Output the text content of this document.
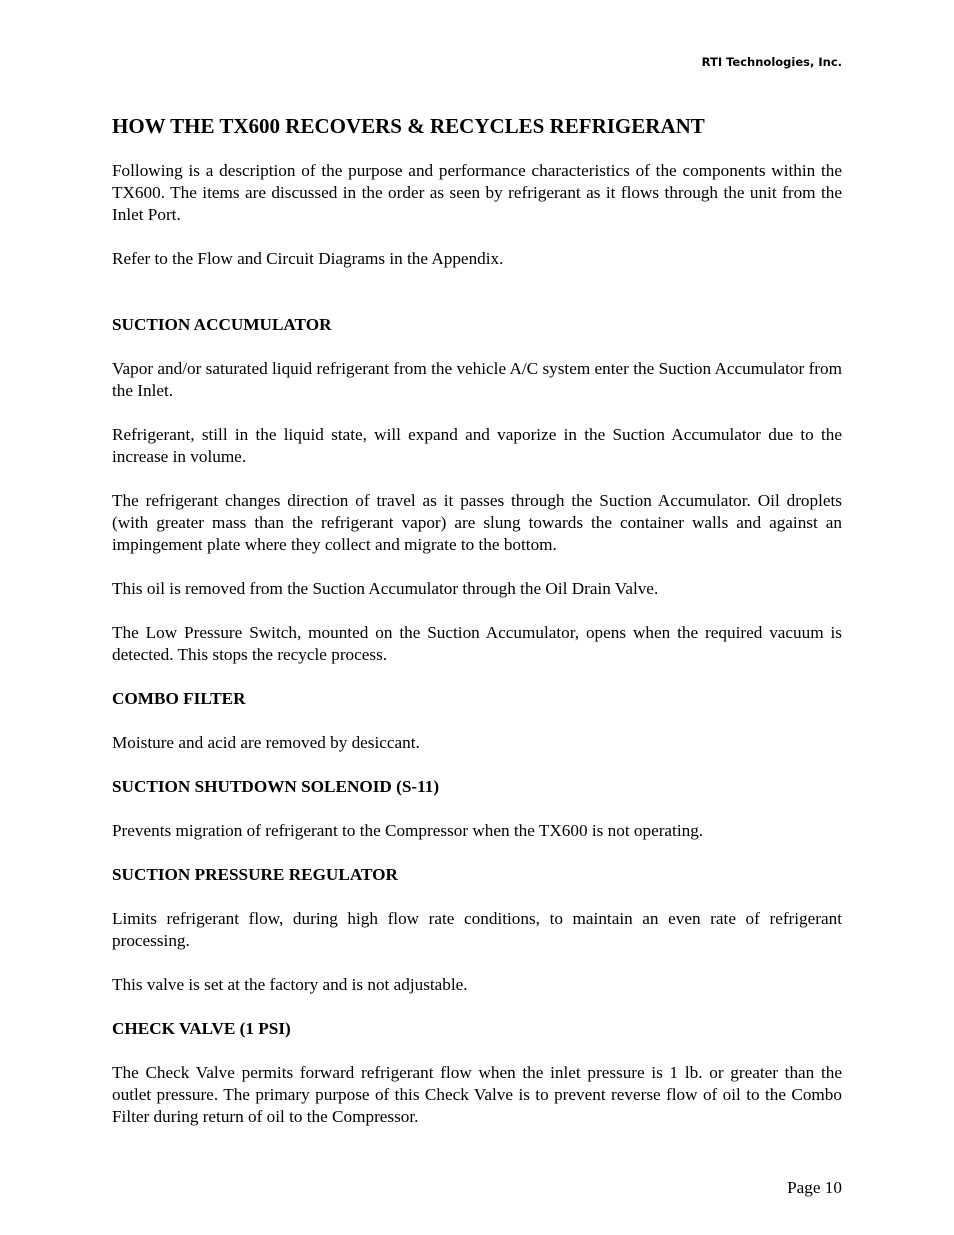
RTI Technologies, Inc.
HOW THE TX600 RECOVERS & RECYCLES REFRIGERANT

Following is a description of the purpose and performance characteristics of the components within the TX600. The items are discussed in the order as seen by refrigerant as it flows through the unit from the Inlet Port.

Refer to the Flow and Circuit Diagrams in the Appendix.

SUCTION ACCUMULATOR

Vapor and/or saturated liquid refrigerant from the vehicle A/C system enter the Suction Accumulator from the Inlet.

Refrigerant, still in the liquid state, will expand and vaporize in the Suction Accumulator due to the increase in volume.

The refrigerant changes direction of travel as it passes through the Suction Accumulator. Oil droplets (with greater mass than the refrigerant vapor) are slung towards the container walls and against an impingement plate where they collect and migrate to the bottom.

This oil is removed from the Suction Accumulator through the Oil Drain Valve.

The Low Pressure Switch, mounted on the Suction Accumulator, opens when the required vacuum is detected. This stops the recycle process.

COMBO FILTER

Moisture and acid are removed by desiccant.

SUCTION SHUTDOWN SOLENOID (S-11)

Prevents migration of refrigerant to the Compressor when the TX600 is not operating.

SUCTION PRESSURE REGULATOR

Limits refrigerant flow, during high flow rate conditions, to maintain an even rate of refrigerant processing.

This valve is set at the factory and is not adjustable.

CHECK VALVE (1 PSI)

The Check Valve permits forward refrigerant flow when the inlet pressure is 1 lb. or greater than the outlet pressure. The primary purpose of this Check Valve is to prevent reverse flow of oil to the Combo Filter during return of oil to the Compressor.

Page 10
